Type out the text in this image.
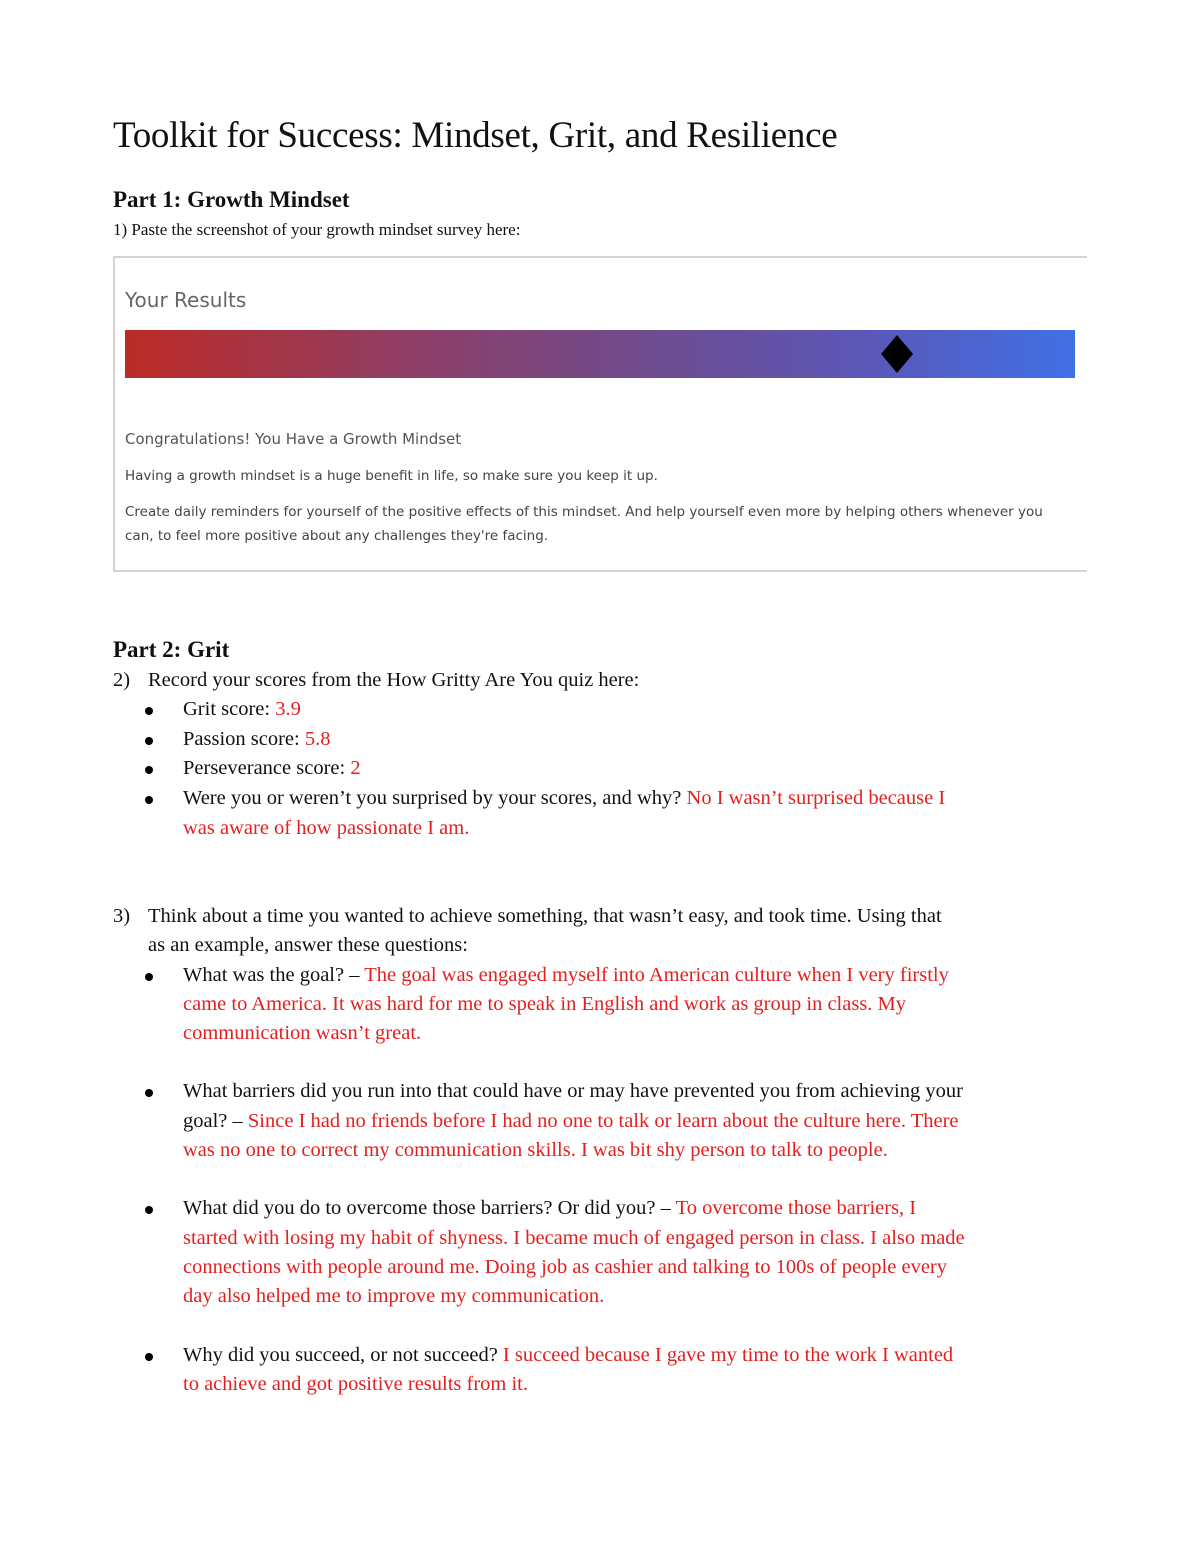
Toolkit for Success: Mindset, Grit, and Resilience
Part 1: Growth Mindset
1) Paste the screenshot of your growth mindset survey here:
Your Results
Congratulations! You Have a Growth Mindset
Having a growth mindset is a huge benefit in life, so make sure you keep it up.
Create daily reminders for yourself of the positive effects of this mindset. And help yourself even more by helping others whenever you
can, to feel more positive about any challenges they're facing.
Part 2: Grit
2) Record your scores from the How Gritty Are You quiz here:
Grit score: 3.9
Passion score: 5.8
Perseverance score: 2
Were you or weren’t you surprised by your scores, and why? No I wasn’t surprised because I
was aware of how passionate I am.
3) Think about a time you wanted to achieve something, that wasn’t easy, and took time. Using that
as an example, answer these questions:
What was the goal? – The goal was engaged myself into American culture when I very firstly
came to America. It was hard for me to speak in English and work as group in class. My
communication wasn’t great.
What barriers did you run into that could have or may have prevented you from achieving your
goal? – Since I had no friends before I had no one to talk or learn about the culture here. There
was no one to correct my communication skills. I was bit shy person to talk to people.
What did you do to overcome those barriers? Or did you? – To overcome those barriers, I
started with losing my habit of shyness. I became much of engaged person in class. I also made
connections with people around me. Doing job as cashier and talking to 100s of people every
day also helped me to improve my communication.
Why did you succeed, or not succeed? I succeed because I gave my time to the work I wanted
to achieve and got positive results from it.
